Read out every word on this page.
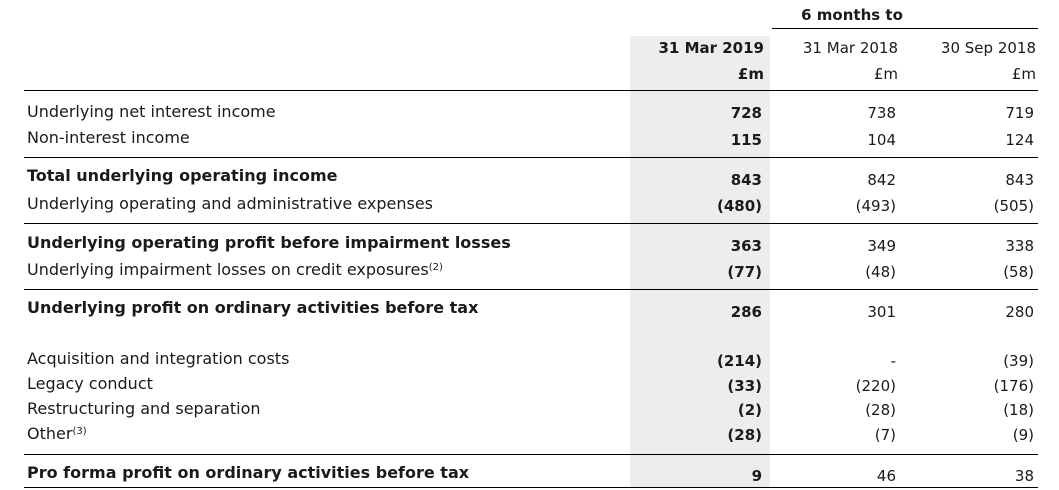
6 months to
31 Mar 2019	31 Mar 2018	30 Sep 2018
£m	£m	£m
Underlying net interest income	728	738	719
Non-interest income	115	104	124
Total underlying operating income	843	842	843
Underlying operating and administrative expenses	(480)	(493)	(505)
Underlying operating profit before impairment losses	363	349	338
Underlying impairment losses on credit exposures$^{(2)}$	(77)	(48)	(58)
Underlying profit on ordinary activities before tax	286	301	280
Acquisition and integration costs	(214)	-	(39)
Legacy conduct	(33)	(220)	(176)
Restructuring and separation	(2)	(28)	(18)
Other$^{(3)}$	(28)	(7)	(9)
Pro forma profit on ordinary activities before tax	9	46	38
